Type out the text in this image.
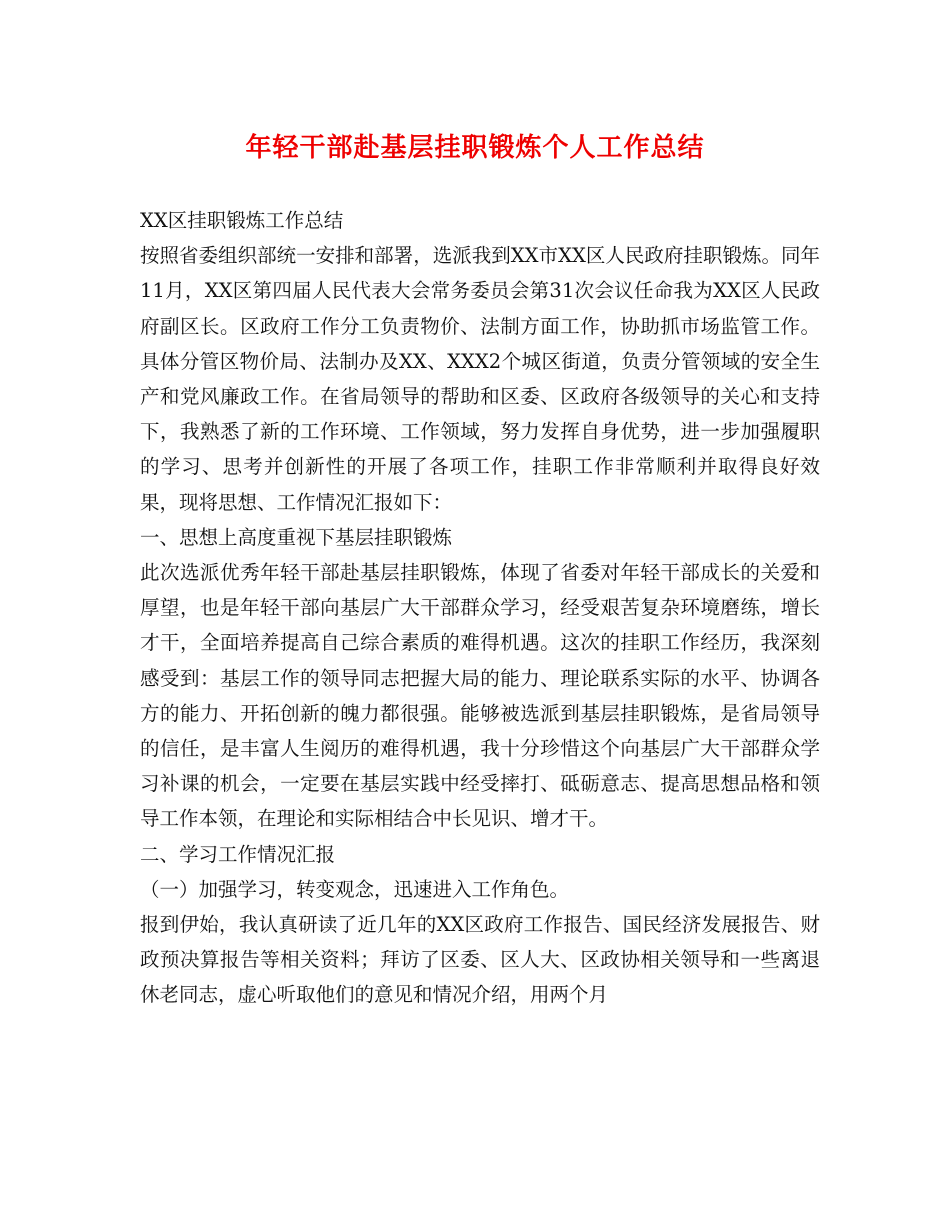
年轻干部赴基层挂职锻炼个人工作总结

XX区挂职锻炼工作总结

按照省委组织部统一安排和部署，选派我到XX市XX区人民政府挂职锻炼。同年11月，XX区第四届人民代表大会常务委员会第31次会议任命我为XX区人民政府副区长。区政府工作分工负责物价、法制方面工作，协助抓市场监管工作。具体分管区物价局、法制办及XX、XXX2个城区街道，负责分管领域的安全生产和党风廉政工作。在省局领导的帮助和区委、区政府各级领导的关心和支持下，我熟悉了新的工作环境、工作领域，努力发挥自身优势，进一步加强履职的学习、思考并创新性的开展了各项工作，挂职工作非常顺利并取得良好效果，现将思想、工作情况汇报如下：

一、思想上高度重视下基层挂职锻炼

此次选派优秀年轻干部赴基层挂职锻炼，体现了省委对年轻干部成长的关爱和厚望，也是年轻干部向基层广大干部群众学习，经受艰苦复杂环境磨练，增长才干，全面培养提高自己综合素质的难得机遇。这次的挂职工作经历，我深刻感受到：基层工作的领导同志把握大局的能力、理论联系实际的水平、协调各方的能力、开拓创新的魄力都很强。能够被选派到基层挂职锻炼，是省局领导的信任，是丰富人生阅历的难得机遇，我十分珍惜这个向基层广大干部群众学习补课的机会，一定要在基层实践中经受摔打、砥砺意志、提高思想品格和领导工作本领，在理论和实际相结合中长见识、增才干。

二、学习工作情况汇报

（一）加强学习，转变观念，迅速进入工作角色。

报到伊始，我认真研读了近几年的XX区政府工作报告、国民经济发展报告、财政预决算报告等相关资料；拜访了区委、区人大、区政协相关领导和一些离退休老同志，虚心听取他们的意见和情况介绍，用两个月
